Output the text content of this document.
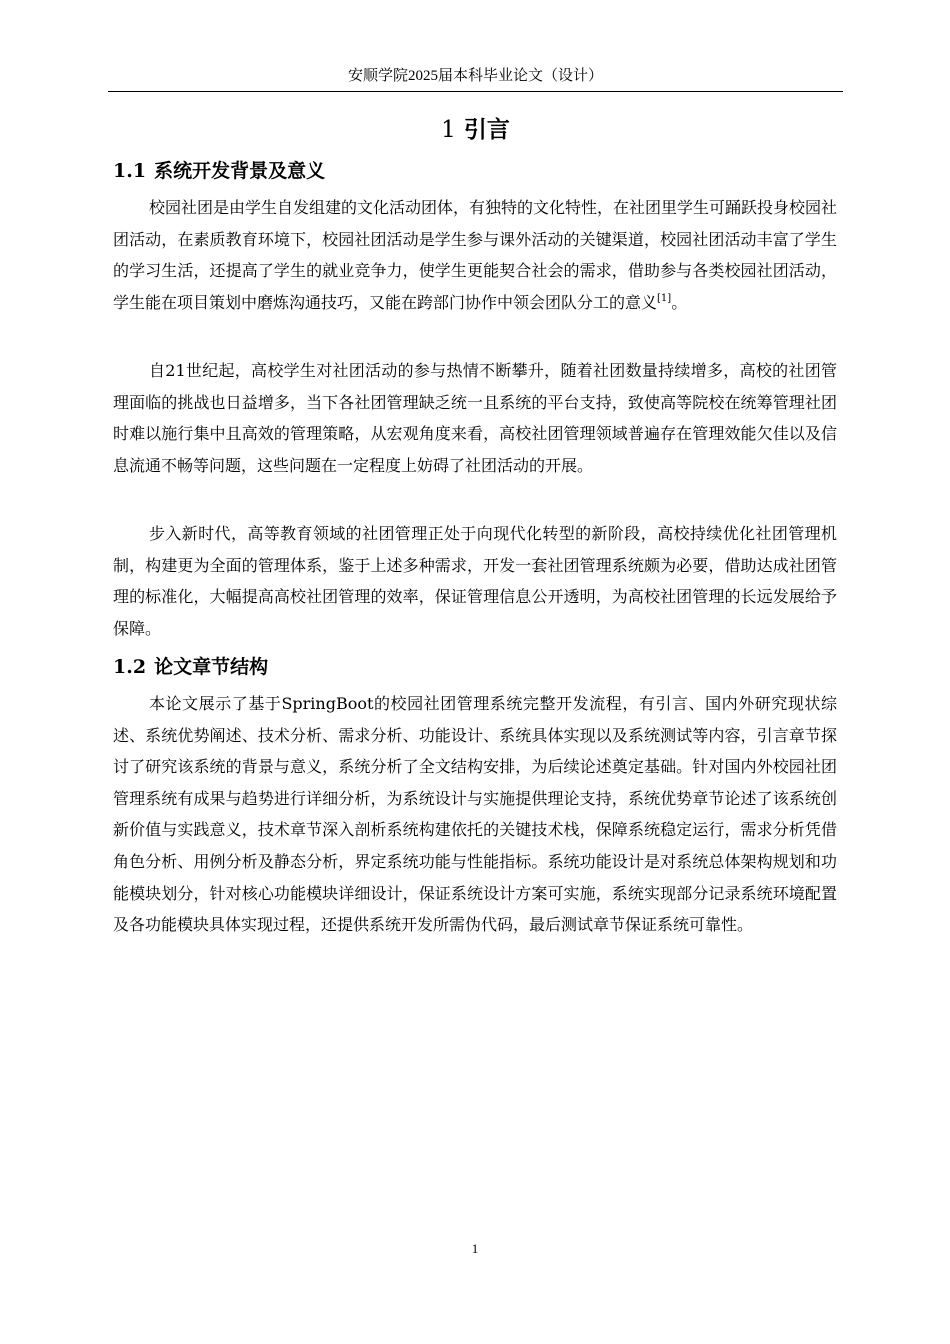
安顺学院2025届本科毕业论文（设计）
1 引言
1.1 系统开发背景及意义

校园社团是由学生自发组建的文化活动团体，有独特的文化特性，在社团里学生可踊跃投身校园社团活动，在素质教育环境下，校园社团活动是学生参与课外活动的关键渠道，校园社团活动丰富了学生的学习生活，还提高了学生的就业竞争力，使学生更能契合社会的需求，借助参与各类校园社团活动，学生能在项目策划中磨炼沟通技巧，又能在跨部门协作中领会团队分工的意义[1]。

自21世纪起，高校学生对社团活动的参与热情不断攀升，随着社团数量持续增多，高校的社团管理面临的挑战也日益增多，当下各社团管理缺乏统一且系统的平台支持，致使高等院校在统筹管理社团时难以施行集中且高效的管理策略，从宏观角度来看，高校社团管理领域普遍存在管理效能欠佳以及信息流通不畅等问题，这些问题在一定程度上妨碍了社团活动的开展。

步入新时代，高等教育领域的社团管理正处于向现代化转型的新阶段，高校持续优化社团管理机制，构建更为全面的管理体系，鉴于上述多种需求，开发一套社团管理系统颇为必要，借助达成社团管理的标准化，大幅提高高校社团管理的效率，保证管理信息公开透明，为高校社团管理的长远发展给予保障。

1.2 论文章节结构

本论文展示了基于SpringBoot的校园社团管理系统完整开发流程，有引言、国内外研究现状综述、系统优势阐述、技术分析、需求分析、功能设计、系统具体实现以及系统测试等内容，引言章节探讨了研究该系统的背景与意义，系统分析了全文结构安排，为后续论述奠定基础。针对国内外校园社团管理系统有成果与趋势进行详细分析，为系统设计与实施提供理论支持，系统优势章节论述了该系统创新价值与实践意义，技术章节深入剖析系统构建依托的关键技术栈，保障系统稳定运行，需求分析凭借角色分析、用例分析及静态分析，界定系统功能与性能指标。系统功能设计是对系统总体架构规划和功能模块划分，针对核心功能模块详细设计，保证系统设计方案可实施，系统实现部分记录系统环境配置及各功能模块具体实现过程，还提供系统开发所需伪代码，最后测试章节保证系统可靠性。

1
